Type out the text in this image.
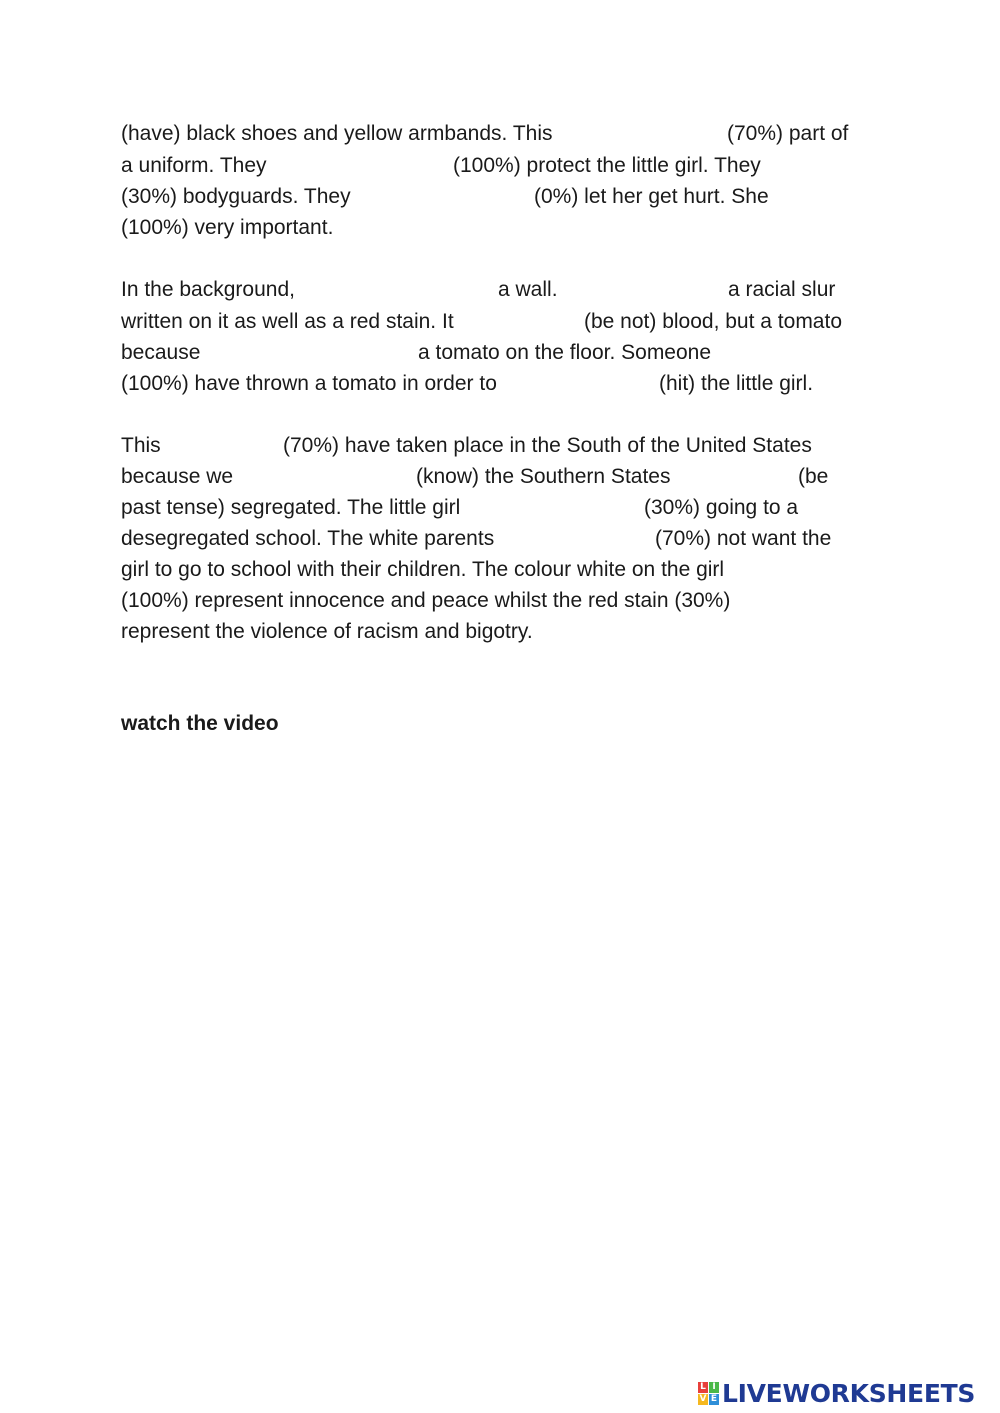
(have) black shoes and yellow armbands. This	(70%) part of
a uniform. They	(100%) protect the little girl. They
(30%) bodyguards. They	(0%) let her get hurt. She
(100%) very important.
In the background,	a wall.	a racial slur
written on it as well as a red stain. It	(be not) blood, but a tomato
because	a tomato on the floor. Someone
(100%) have thrown a tomato in order to	(hit) the little girl.
This	(70%) have taken place in the South of the United States
because we	(know) the Southern States	(be
past tense) segregated. The little girl	(30%) going to a
desegregated school. The white parents	(70%) not want the
girl to go to school with their children. The colour white on the girl
(100%) represent innocence and peace whilst the red stain (30%)
represent the violence of racism and bigotry.
watch the video
L I
V E LIVEWORKSHEETS
